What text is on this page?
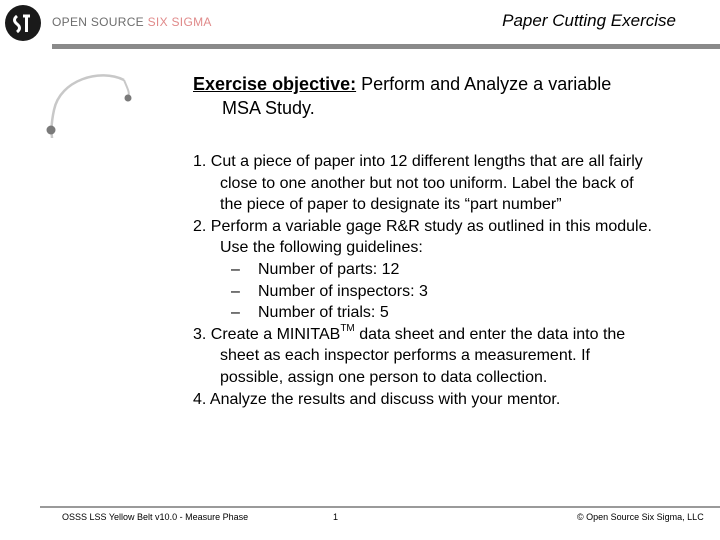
OPEN SOURCE SIX SIGMA	Paper Cutting Exercise
Exercise objective: Perform and Analyze a variable
MSA Study.
1. Cut a piece of paper into 12 different lengths that are all fairly
close to one another but not too uniform. Label the back of
the piece of paper to designate its “part number”
2. Perform a variable gage R&R study as outlined in this module.
Use the following guidelines:
– Number of parts: 12
– Number of inspectors: 3
– Number of trials: 5
3. Create a MINITAB™ data sheet and enter the data into the
sheet as each inspector performs a measurement. If
possible, assign one person to data collection.
4. Analyze the results and discuss with your mentor.
OSSS LSS Yellow Belt v10.0 - Measure Phase	1	© Open Source Six Sigma, LLC
